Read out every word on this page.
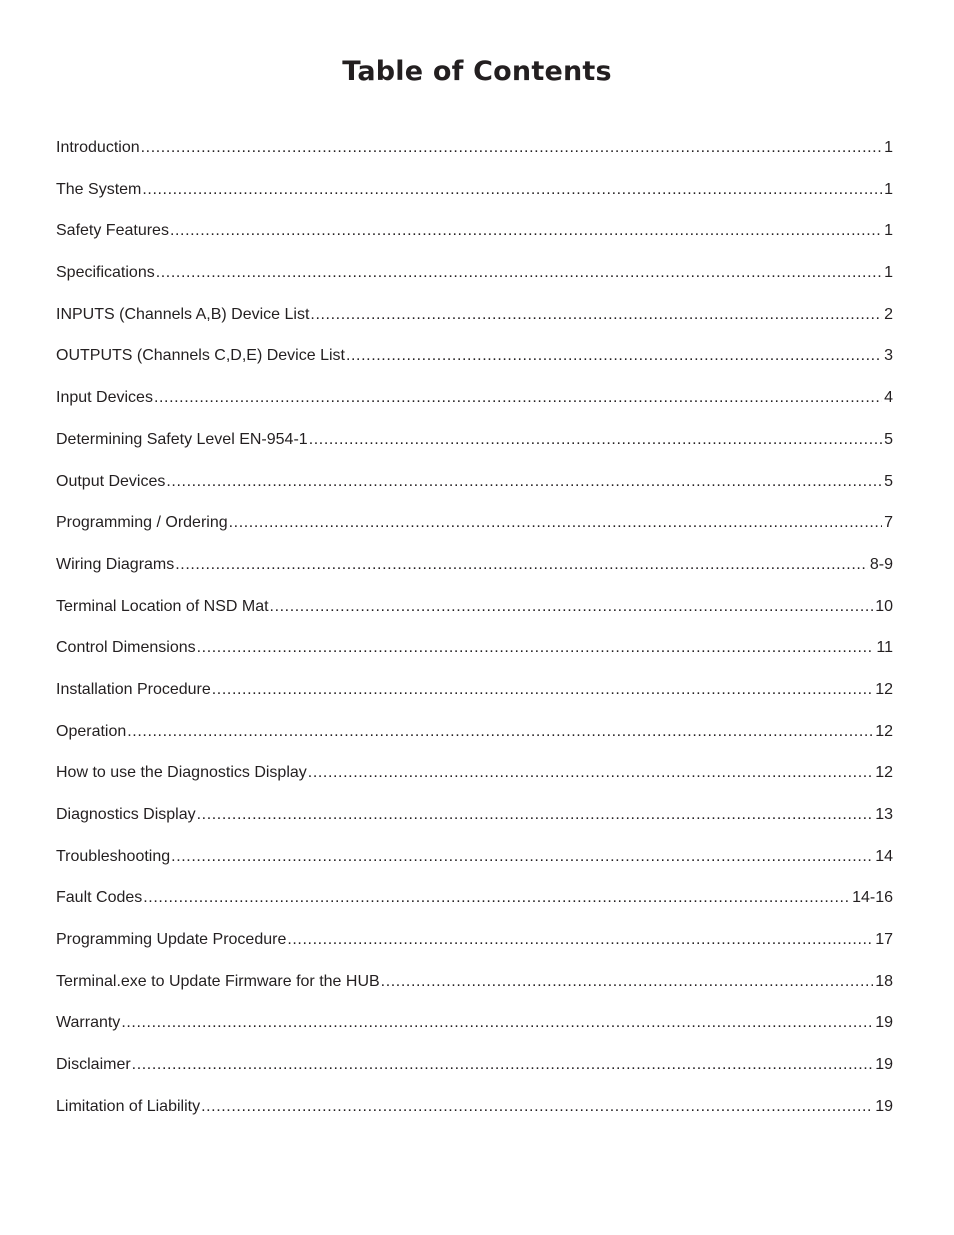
Table of Contents
Introduction .....	1
The System .....	1
Safety Features .....	1
Specifications .....	1
INPUTS (Channels A,B) Device List .....	2
OUTPUTS (Channels C,D,E) Device List .....	3
Input Devices .....	4
Determining Safety Level EN-954-1 .....	5
Output Devices .....	5
Programming / Ordering .....	7
Wiring Diagrams .....	8-9
Terminal Location of NSD Mat .....	10
Control Dimensions .....	11
Installation Procedure .....	12
Operation .....	12
How to use the Diagnostics Display .....	12
Diagnostics Display .....	13
Troubleshooting .....	14
Fault Codes .....	14-16
Programming Update Procedure .....	17
Terminal.exe to Update Firmware for the HUB .....	18
Warranty .....	19
Disclaimer .....	19
Limitation of Liability .....	19
